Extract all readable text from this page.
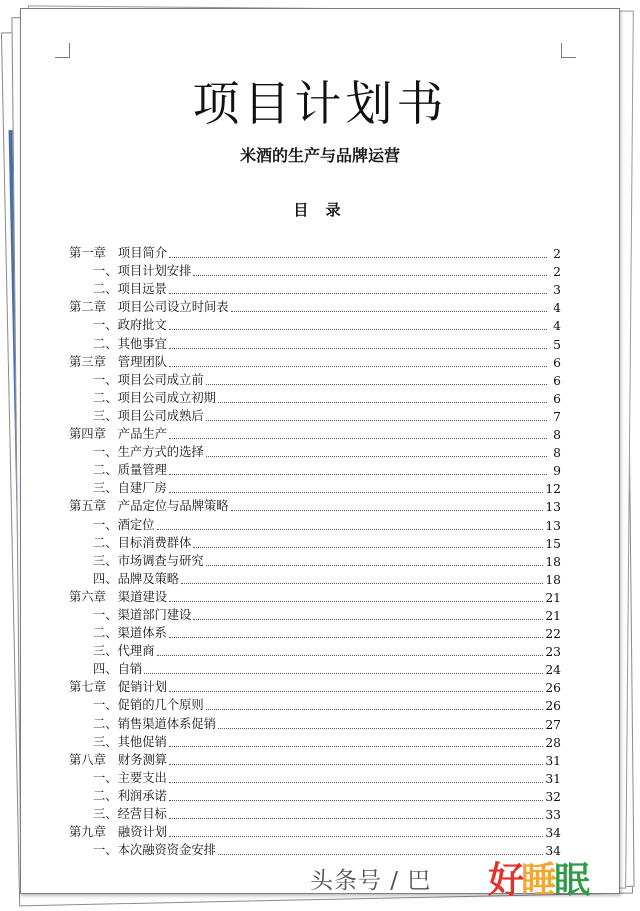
项目计划书
米酒的生产与品牌运营
目 录
第一章 项目简介	2
一、项目计划安排	2
二、项目远景	3
第二章 项目公司设立时间表	4
一、政府批文	4
二、其他事宜	5
第三章 管理团队	6
一、项目公司成立前	6
二、项目公司成立初期	6
三、项目公司成熟后	7
第四章 产品生产	8
一、生产方式的选择	8
二、质量管理	9
三、自建厂房	12
第五章 产品定位与品牌策略	13
一、酒定位	13
二、目标消费群体	15
三、市场调查与研究	18
四、品牌及策略	18
第六章 渠道建设	21
一、渠道部门建设	21
二、渠道体系	22
三、代理商	23
四、自销	24
第七章 促销计划	26
一、促销的几个原则	26
二、销售渠道体系促销	27
三、其他促销	28
第八章 财务测算	31
一、主要支出	31
二、利润承诺	32
三、经营目标	33
第九章 融资计划	34
一、本次融资资金安排	34
头条号 / 巴 好睡眠
